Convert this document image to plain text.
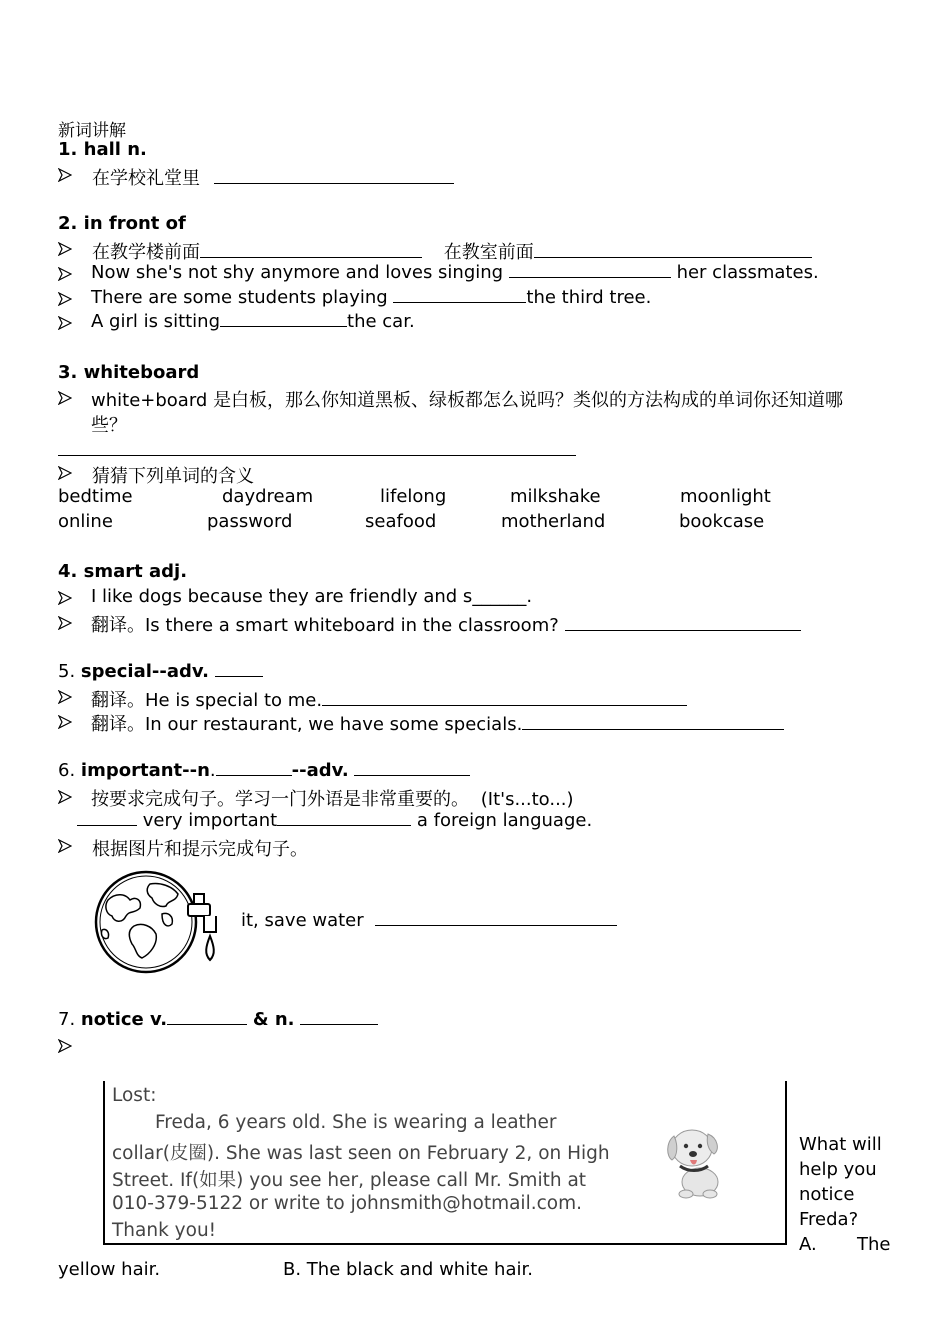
新词讲解
1. hall n.
在学校礼堂里
2. in front of
在教学楼前面	在教室前面
Now she's not shy anymore and loves singing	her classmates.
There are some students playing	the third tree.
A girl is sitting	the car.
3. whiteboard
white+board 是白板，那么你知道黑板、绿板都怎么说吗？类似的方法构成的单词你还知道哪
些？
猜猜下列单词的含义
bedtime	daydream	lifelong	milkshake	moonlight
online	password	seafood	motherland	bookcase
4. smart adj.
I like dogs because they are friendly and s______.
翻译。Is there a smart whiteboard in the classroom?
5. special--adv.
翻译。He is special to me.
翻译。In our restaurant, we have some specials.
6. important--n.	--adv.
按要求完成句子。学习一门外语是非常重要的。 (It's...to...)
very important	a foreign language.
根据图片和提示完成句子。
it, save water
7. notice v.	& n.
Lost:
Freda, 6 years old. She is wearing a leather
collar(皮圈). She was last seen on February 2, on High
Street. If(如果) you see her, please call Mr. Smith at
010-379-5122 or write to johnsmith@hotmail.com.
Thank you!
What will
help you
notice
Freda?
A. The
yellow hair.	B. The black and white hair.
